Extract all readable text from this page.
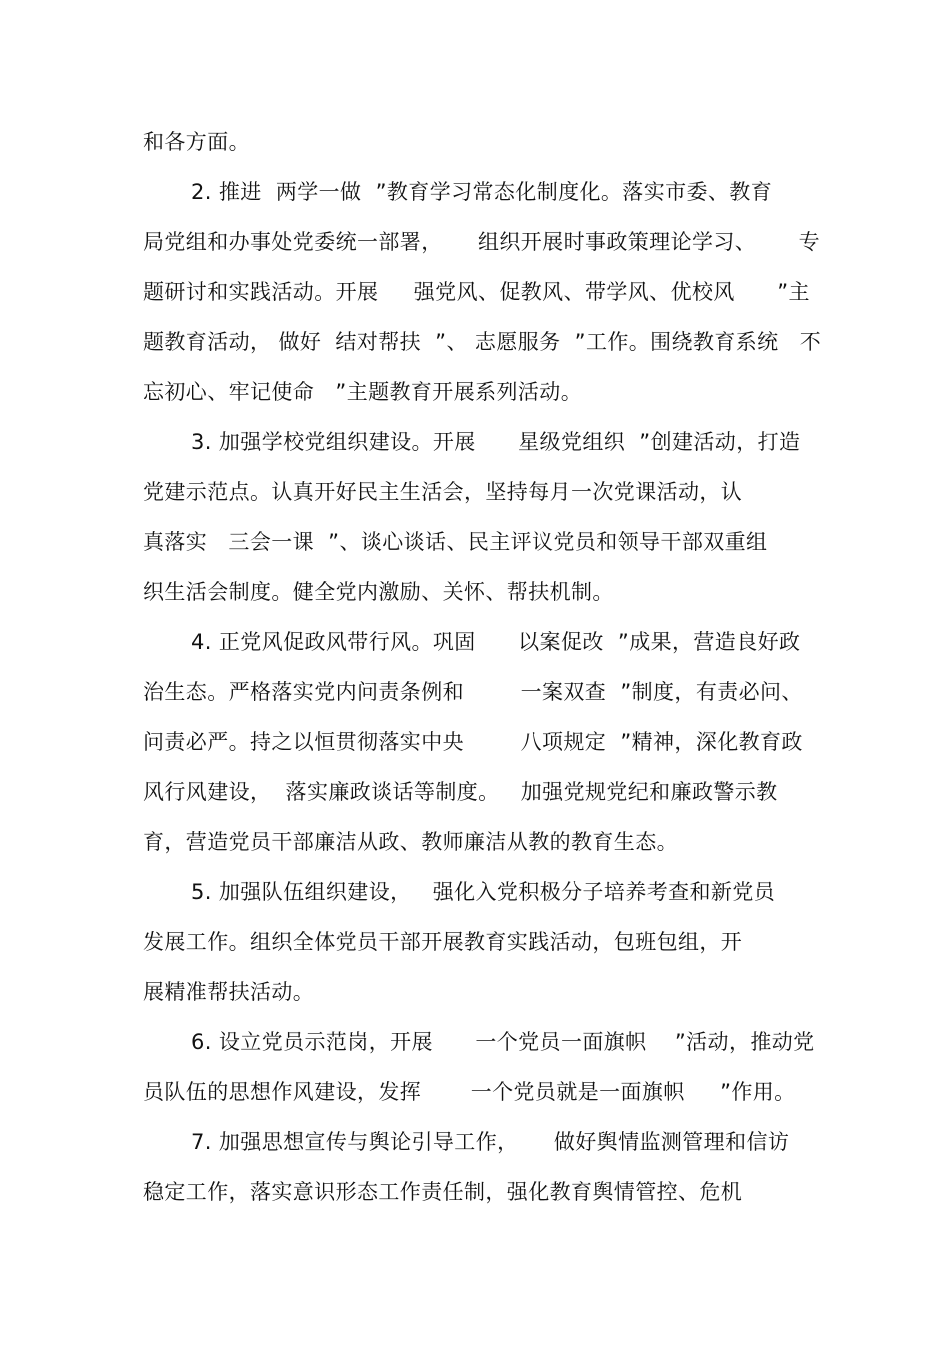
和各方面。
2. 推进  两学一做  ”教育学习常态化制度化。落实市委、教育
局党组和办事处党委统一部署，     组织开展时事政策理论学习、      专
题研讨和实践活动。开展     强党风、促教风、带学风、优校风      ”主
题教育活动， 做好  结对帮扶  ”、 志愿服务  ”工作。围绕教育系统   不
忘初心、牢记使命   ”主题教育开展系列活动。
3. 加强学校党组织建设。开展      星级党组织  ”创建活动，打造
党建示范点。认真开好民主生活会，坚持每月一次党课活动，认
真落实   三会一课  ”、谈心谈话、民主评议党员和领导干部双重组
织生活会制度。健全党内激励、关怀、帮扶机制。
4. 正党风促政风带行风。巩固      以案促改  ”成果，营造良好政
治生态。严格落实党内问责条例和        一案双查  ”制度，有责必问、
问责必严。持之以恒贯彻落实中央        八项规定  ”精神，深化教育政
风行风建设，  落实廉政谈话等制度。   加强党规党纪和廉政警示教
育，营造党员干部廉洁从政、教师廉洁从教的教育生态。
5. 加强队伍组织建设，   强化入党积极分子培养考查和新党员
发展工作。组织全体党员干部开展教育实践活动，包班包组，开
展精准帮扶活动。
6. 设立党员示范岗，开展      一个党员一面旗帜    ”活动，推动党
员队伍的思想作风建设，发挥       一个党员就是一面旗帜     ”作用。
7. 加强思想宣传与舆论引导工作，     做好舆情监测管理和信访
稳定工作，落实意识形态工作责任制，强化教育舆情管控、危机
